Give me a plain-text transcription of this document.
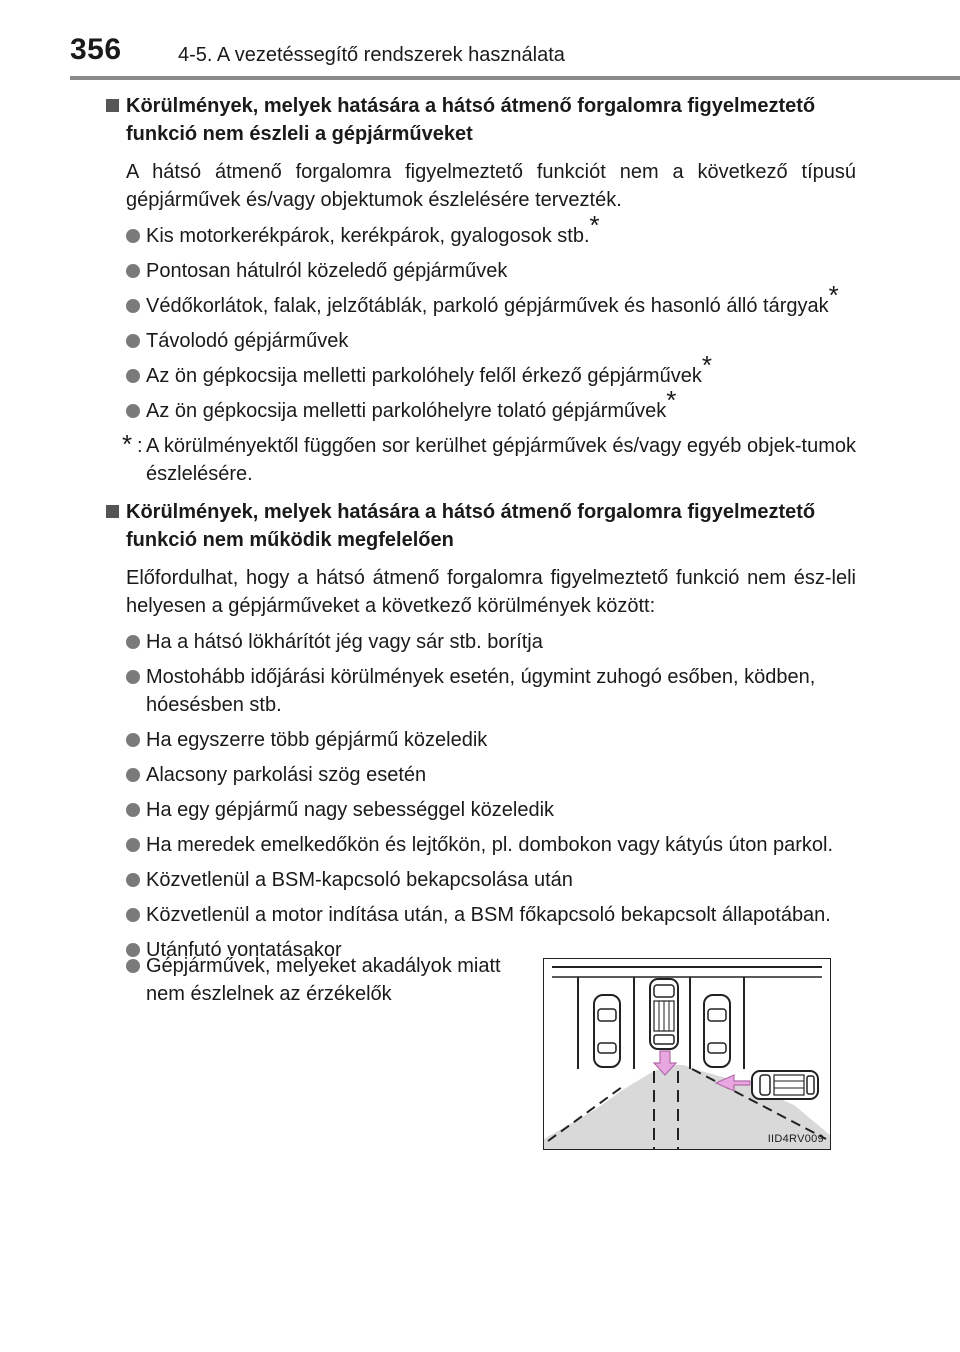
356	4-5. A vezetéssegítő rendszerek használata
Körülmények, melyek hatására a hátsó átmenő forgalomra figyelmeztető
funkció nem észleli a gépjárműveket
A hátsó átmenő forgalomra figyelmeztető funkciót nem a következő típusú gépjárművek és/vagy objektumok észlelésére tervezték.
Kis motorkerékpárok, kerékpárok, gyalogosok stb.*
Pontosan hátulról közeledő gépjárművek
Védőkorlátok, falak, jelzőtáblák, parkoló gépjárművek és hasonló álló tárgyak*
Távolodó gépjárművek
Az ön gépkocsija melletti parkolóhely felől érkező gépjárművek*
Az ön gépkocsija melletti parkolóhelyre tolató gépjárművek*
* : A körülményektől függően sor kerülhet gépjárművek és/vagy egyéb objek-tumok észlelésére.
Körülmények, melyek hatására a hátsó átmenő forgalomra figyelmeztető
funkció nem működik megfelelően
Előfordulhat, hogy a hátsó átmenő forgalomra figyelmeztető funkció nem ész-leli helyesen a gépjárműveket a következő körülmények között:
Ha a hátsó lökhárítót jég vagy sár stb. borítja
Mostohább időjárási körülmények esetén, úgymint zuhogó esőben, ködben, hóesésben stb.
Ha egyszerre több gépjármű közeledik
Alacsony parkolási szög esetén
Ha egy gépjármű nagy sebességgel közeledik
Ha meredek emelkedőkön és lejtőkön, pl. dombokon vagy kátyús úton parkol.
Közvetlenül a BSM-kapcsoló bekapcsolása után
Közvetlenül a motor indítása után, a BSM főkapcsoló bekapcsolt állapotában.
Utánfutó vontatásakor
Gépjárművek, melyeket akadályok miatt
nem észlelnek az érzékelők
IID4RV009
